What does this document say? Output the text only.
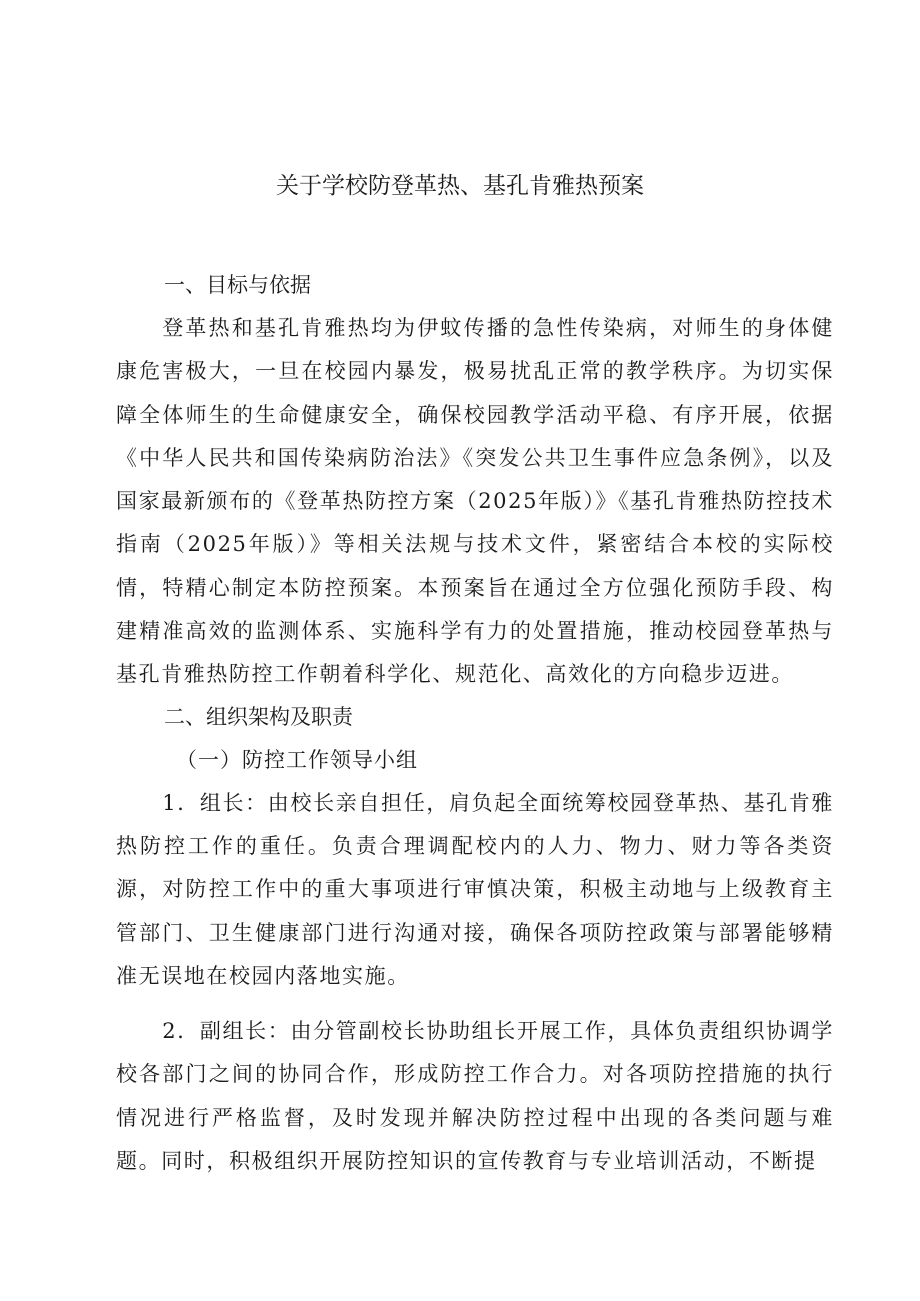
关于学校防登革热、基孔肯雅热预案
一、目标与依据

登革热和基孔肯雅热均为伊蚊传播的急性传染病，对师生的身体健康危害极大，一旦在校园内暴发，极易扰乱正常的教学秩序。为切实保障全体师生的生命健康安全，确保校园教学活动平稳、有序开展，依据《中华人民共和国传染病防治法》《突发公共卫生事件应急条例》，以及国家最新颁布的《登革热防控方案（2025年版）》《基孔肯雅热防控技术指南（2025年版）》等相关法规与技术文件，紧密结合本校的实际校情，特精心制定本防控预案。本预案旨在通过全方位强化预防手段、构建精准高效的监测体系、实施科学有力的处置措施，推动校园登革热与基孔肯雅热防控工作朝着科学化、规范化、高效化的方向稳步迈进。

二、组织架构及职责

（一）防控工作领导小组

1．组长：由校长亲自担任，肩负起全面统筹校园登革热、基孔肯雅热防控工作的重任。负责合理调配校内的人力、物力、财力等各类资源，对防控工作中的重大事项进行审慎决策，积极主动地与上级教育主管部门、卫生健康部门进行沟通对接，确保各项防控政策与部署能够精准无误地在校园内落地实施。

2．副组长：由分管副校长协助组长开展工作，具体负责组织协调学校各部门之间的协同合作，形成防控工作合力。对各项防控措施的执行情况进行严格监督，及时发现并解决防控过程中出现的各类问题与难题。同时，积极组织开展防控知识的宣传教育与专业培训活动，不断提
